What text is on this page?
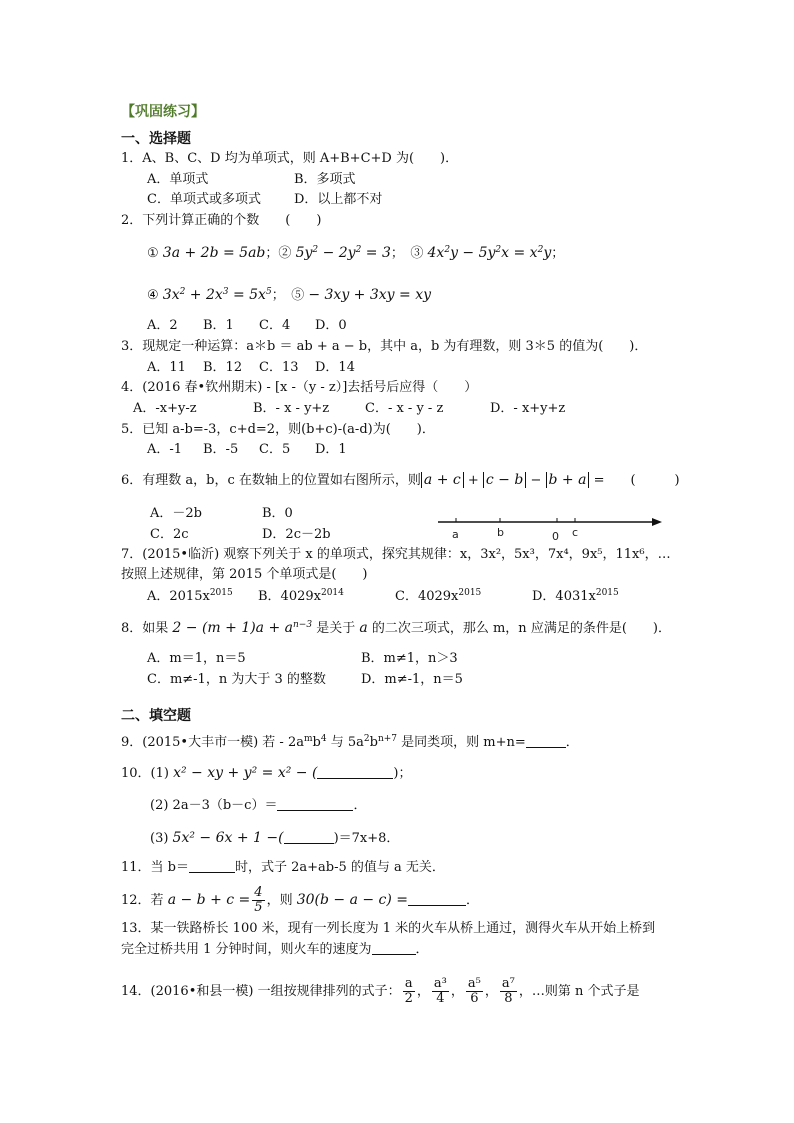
【巩固练习】
一、选择题
1．A、B、C、D 均为单项式，则 A+B+C+D 为(　　)．
A．单项式	B．多项式
C．单项式或多项式	D．以上都不对
2．下列计算正确的个数　　(　　)
① 3a + 2b = 5ab；② $5y^2 - 2y^2 = 3$；　③ $4x^2y - 5y^2x = x^2y$；
④ $3x^2 + 2x^3 = 5x^5$；　⑤ − 3xy + 3xy = xy
A．2 B．1 C．4 D．0
3．现规定一种运算：a＊b ＝ ab + a − b，其中 a，b 为有理数，则 3＊5 的值为(　　)．
A．11 B．12 C．13 D．14
4．(2016 春•钦州期末) - [x -（y - z）]去括号后应得（　　）
A．-x+y-z	B．- x - y+z	C．- x - y - z	D．- x+y+z
5．已知 a-b=-3，c+d=2，则(b+c)-(a-d)为(　　)．
A．-1 B．-5 C．5 D．1
6．有理数 a，b，c 在数轴上的位置如右图所示，则 a + c + c − b − b + a =　　(　　　)
A．－2b	B．0
C．2c	D．2c－2b	a	b	0 c
7．(2015•临沂) 观察下列关于 x 的单项式，探究其规律：x，3x²，5x³，7x⁴，9x⁵，11x⁶，…
按照上述规律，第 2015 个单项式是(　　)
A．$2015x^{2015}$ B．$4029x^{2014}$	C．$4029x^{2015}$	D．$4031x^{2015}$
8．如果 $2 - (m + 1)a + a^{n-3}$ 是关于 a 的二次三项式，那么 m，n 应满足的条件是(　　)．
A．m＝1，n＝5	B．m≠1，n＞3
C．m≠-1，n 为大于 3 的整数	D．m≠-1，n＝5
二、填空题
9．(2015•大丰市一模) 若 - $2a^mb^4$ 与 $5a^2b^{n+7}$ 是同类项，则 m+n=	．
10．(1) x² − xy + y² = x² − (	)；
(2) 2a－3（b－c）＝	．
(3) 5x² − 6x + 1 −(	)＝7x+8．
11．当 b＝	时，式子 2a+ab-5 的值与 a 无关．
12．若 $a - b + c = \frac{4}{5}$ ，则 30(b − a − c) =	．
13．某一铁路桥长 100 米，现有一列长度为 1 米的火车从桥上通过，测得火车从开始上桥到
完全过桥共用 1 分钟时间，则火车的速度为	．
14．(2016•和县一模) 一组按规律排列的式子： $\frac{a}{2}$ ， $\frac{\text{a³}}{4}$ ， $\frac{\text{a⁵}}{6}$ ， $\frac{\text{a⁷}}{8}$ ，…则第 n 个式子是
